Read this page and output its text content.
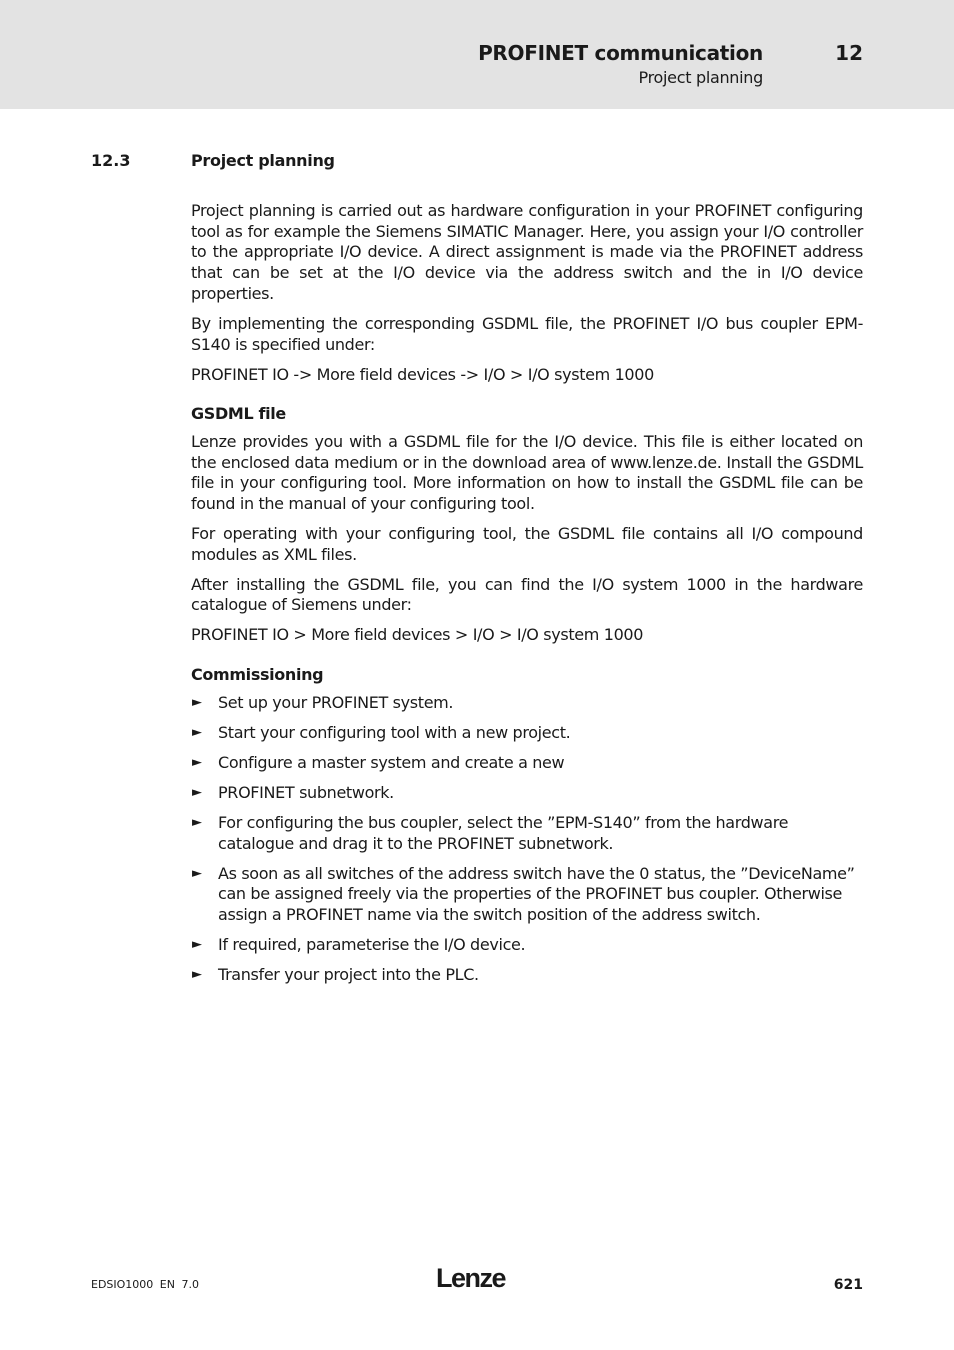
PROFINET communication	12
Project planning
12.3	Project planning

Project planning is carried out as hardware configuration in your PROFINET configuring tool as for example the Siemens SIMATIC Manager. Here, you assign your I/O controller to the appropriate I/O device. A direct assignment is made via the PROFINET address that can be set at the I/O device via the address switch and the in I/O device properties.

By implementing the corresponding GSDML file, the PROFINET I/O bus coupler EPM-S140 is specified under:

PROFINET IO -> More field devices -> I/O > I/O system 1000

GSDML file

Lenze provides you with a GSDML file for the I/O device. This file is either located on the enclosed data medium or in the download area of www.lenze.de. Install the GSDML file in your configuring tool. More information on how to install the GSDML file can be found in the manual of your configuring tool.

For operating with your configuring tool, the GSDML file contains all I/O compound modules as XML files.

After installing the GSDML file, you can find the I/O system 1000 in the hardware catalogue of Siemens under:

PROFINET IO > More field devices > I/O > I/O system 1000

Commissioning
► Set up your PROFINET system.
► Start your configuring tool with a new project.
► Configure a master system and create a new
► PROFINET subnetwork.
► For configuring the bus coupler, select the ”EPM-S140” from the hardware catalogue and drag it to the PROFINET subnetwork.
► As soon as all switches of the address switch have the 0 status, the ”DeviceName” can be assigned freely via the properties of the PROFINET bus coupler. Otherwise assign a PROFINET name via the switch position of the address switch.
► If required, parameterise the I/O device.
► Transfer your project into the PLC.
EDSIO1000 EN 7.0	Lenze	621
